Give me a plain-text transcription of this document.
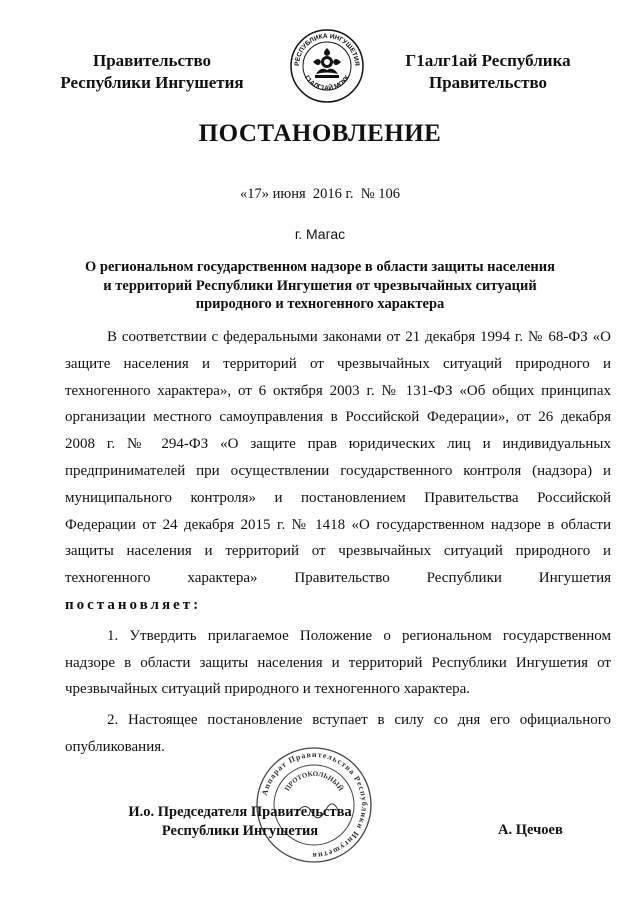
Правительство
Республики Ингушетия
РЕСПУБЛИКА ИНГУШЕТИЯ
Г1АЛГ1АЙ МОХК
Г1алг1ай Республика
Правительство
ПОСТАНОВЛЕНИЕ
«17» июня  2016 г.  № 106
г. Магас
О региональном государственном надзоре в области защиты населения и территорий Республики Ингушетия от чрезвычайных ситуаций природного и техногенного характера

В соответствии с федеральными законами от 21 декабря 1994 г. № 68-ФЗ «О защите населения и территорий от чрезвычайных ситуаций природного и техногенного характера», от 6 октября 2003 г. № 131-ФЗ «Об общих принципах организации местного самоуправления в Российской Федерации», от 26 декабря 2008 г. № 294-ФЗ «О защите прав юридических лиц и индивидуальных предпринимателей при осуществлении государственного контроля (надзора) и муниципального контроля» и постановлением Правительства Российской Федерации от 24 декабря 2015 г. № 1418 «О государственном надзоре в области защиты населения и территорий от чрезвычайных ситуаций природного и техногенного характера» Правительство Республики Ингушетия постановляет:

1. Утвердить прилагаемое Положение о региональном государственном надзоре в области защиты населения и территорий Республики Ингушетия от чрезвычайных ситуаций природного и техногенного характера.

2. Настоящее постановление вступает в силу со дня его официального опубликования.

Аппарат Правительства Республики Ингушетия
ПРОТОКОЛЬНЫЙ
И.о. Председателя Правительства
Республики Ингушетия	А. Цечоев
